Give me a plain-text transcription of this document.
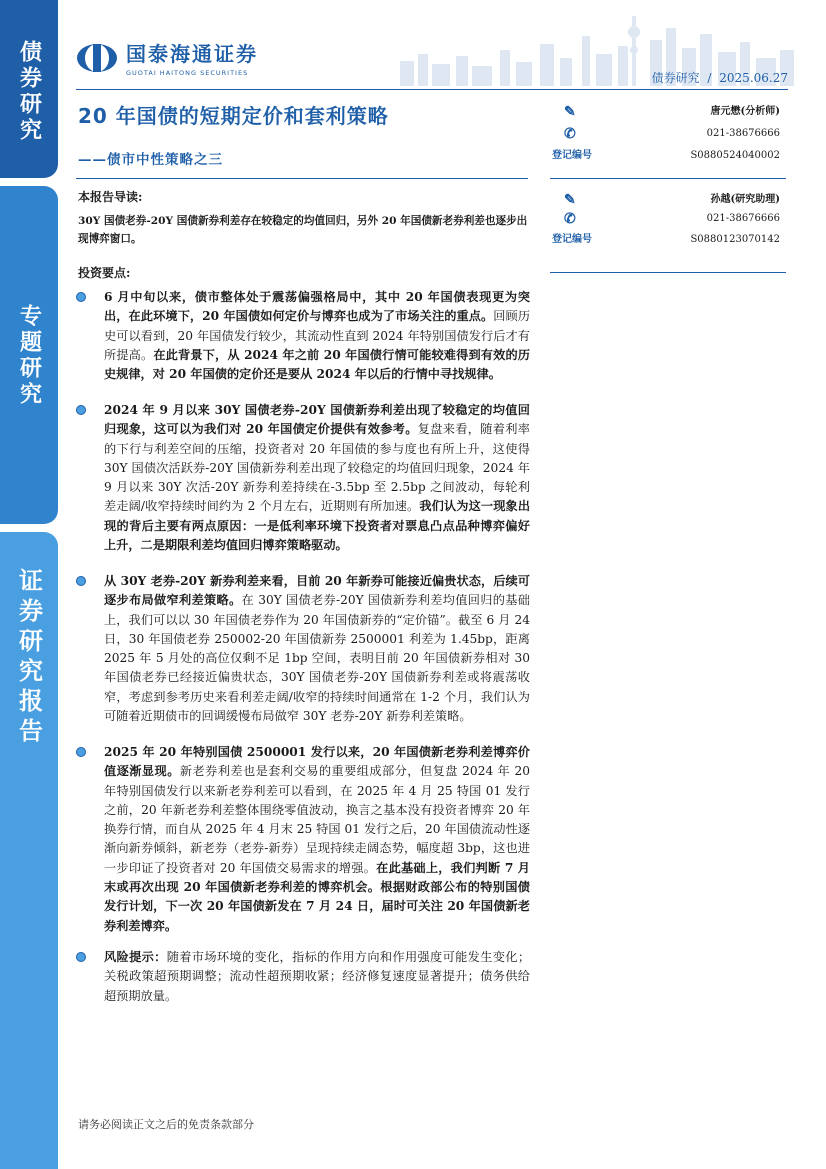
债券研究
专题研究
证券研究报告
国泰海通证券
GUOTAI HAITONG SECURITIES	债券研究 / 2025.06.27
20 年国债的短期定价和套利策略
——债市中性策略之三
✎	唐元懋(分析师)
✆	021-38676666
登记编号	S0880524040002
✎	孙越(研究助理)
✆	021-38676666
登记编号	S0880123070142
本报告导读:
30Y 国债老券-20Y 国债新券利差存在较稳定的均值回归，另外 20 年国债新老券利差也逐步出现博弈窗口。
投资要点:
6 月中旬以来，债市整体处于震荡偏强格局中，其中 20 年国债表现更为突出，在此环境下，20 年国债如何定价与博弈也成为了市场关注的重点。回顾历史可以看到，20 年国债发行较少，其流动性直到 2024 年特别国债发行后才有所提高。在此背景下，从 2024 年之前 20 年国债行情可能较难得到有效的历史规律，对 20 年国债的定价还是要从 2024 年以后的行情中寻找规律。
2024 年 9 月以来 30Y 国债老券-20Y 国债新券利差出现了较稳定的均值回归现象，这可以为我们对 20 年国债定价提供有效参考。复盘来看，随着利率的下行与利差空间的压缩，投资者对 20 年国债的参与度也有所上升，这使得 30Y 国债次活跃券-20Y 国债新券利差出现了较稳定的均值回归现象，2024 年 9 月以来 30Y 次活-20Y 新券利差持续在-3.5bp 至 2.5bp 之间波动，每轮利差走阔/收窄持续时间约为 2 个月左右，近期则有所加速。我们认为这一现象出现的背后主要有两点原因：一是低利率环境下投资者对票息凸点品种博弈偏好上升，二是期限利差均值回归博弈策略驱动。
从 30Y 老券-20Y 新券利差来看，目前 20 年新券可能接近偏贵状态，后续可逐步布局做窄利差策略。在 30Y 国债老券-20Y 国债新券利差均值回归的基础上，我们可以以 30 年国债老券作为 20 年国债新券的“定价锚”。截至 6 月 24 日，30 年国债老券 250002-20 年国债新券 2500001 利差为 1.45bp，距离 2025 年 5 月处的高位仅剩不足 1bp 空间，表明目前 20 年国债新券相对 30 年国债老券已经接近偏贵状态，30Y 国债老券-20Y 国债新券利差或将震荡收窄，考虑到参考历史来看利差走阔/收窄的持续时间通常在 1-2 个月，我们认为可随着近期债市的回调缓慢布局做窄 30Y 老券-20Y 新券利差策略。
2025 年 20 年特别国债 2500001 发行以来，20 年国债新老券利差博弈价值逐渐显现。新老券利差也是套利交易的重要组成部分，但复盘 2024 年 20 年特别国债发行以来新老券利差可以看到，在 2025 年 4 月 25 特国 01 发行之前，20 年新老券利差整体围绕零值波动，换言之基本没有投资者博弈 20 年换券行情，而自从 2025 年 4 月末 25 特国 01 发行之后，20 年国债流动性逐渐向新券倾斜，新老券（老券-新券）呈现持续走阔态势，幅度超 3bp，这也进一步印证了投资者对 20 年国债交易需求的增强。在此基础上，我们判断 7 月末或再次出现 20 年国债新老券利差的博弈机会。根据财政部公布的特别国债发行计划，下一次 20 年国债新发在 7 月 24 日，届时可关注 20 年国债新老券利差博弈。
风险提示：随着市场环境的变化，指标的作用方向和作用强度可能发生变化；关税政策超预期调整；流动性超预期收紧；经济修复速度显著提升；债务供给超预期放量。
请务必阅读正文之后的免责条款部分
